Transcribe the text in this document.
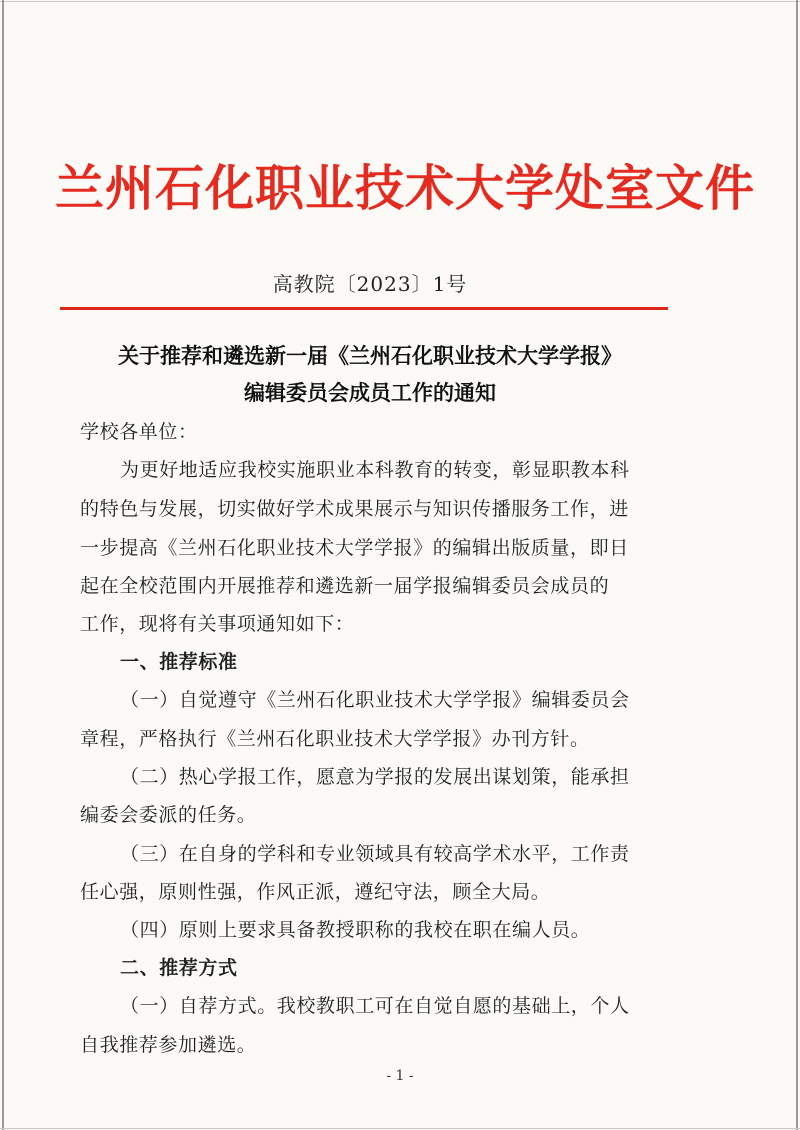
兰州石化职业技术大学处室文件
高教院〔2023〕1号
关于推荐和遴选新一届《兰州石化职业技术大学学报》
编辑委员会成员工作的通知
学校各单位：
为更好地适应我校实施职业本科教育的转变，彰显职教本科
的特色与发展，切实做好学术成果展示与知识传播服务工作，进
一步提高《兰州石化职业技术大学学报》的编辑出版质量，即日
起在全校范围内开展推荐和遴选新一届学报编辑委员会成员的
工作，现将有关事项通知如下：
一、推荐标准
（一）自觉遵守《兰州石化职业技术大学学报》编辑委员会
章程，严格执行《兰州石化职业技术大学学报》办刊方针。
（二）热心学报工作，愿意为学报的发展出谋划策，能承担
编委会委派的任务。
（三）在自身的学科和专业领域具有较高学术水平，工作责
任心强，原则性强，作风正派，遵纪守法，顾全大局。
（四）原则上要求具备教授职称的我校在职在编人员。
二、推荐方式
（一）自荐方式。我校教职工可在自觉自愿的基础上，个人
自我推荐参加遴选。
- 1 -
